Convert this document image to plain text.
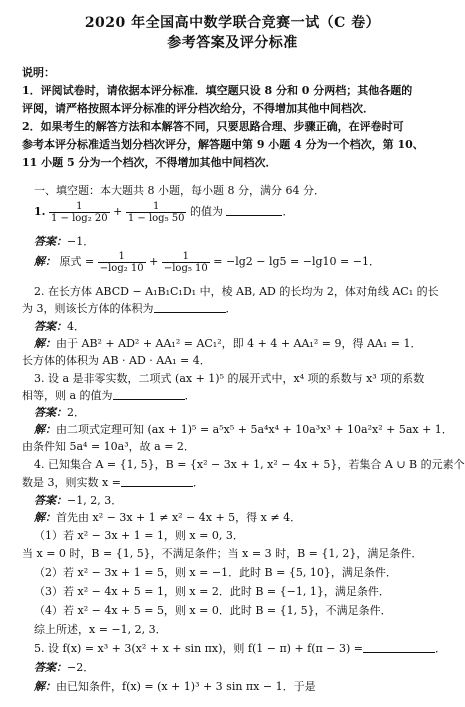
2020 年全国高中数学联合竞赛一试（C 卷）
参考答案及评分标准
说明：
1．评阅试卷时，请依据本评分标准．填空题只设 8 分和 0 分两档；其他各题的
评阅，请严格按照本评分标准的评分档次给分，不得增加其他中间档次．
2．如果考生的解答方法和本解答不同，只要思路合理、步骤正确，在评卷时可
参考本评分标准适当划分档次评分，解答题中第 9 小题 4 分为一个档次，第 10、
11 小题 5 分为一个档次，不得增加其他中间档次．
一、填空题：本大题共 8 小题，每小题 8 分，满分 64 分．
1. $\frac{1}{\text{1 − log₂ 20}} + \frac{1}{\text{1 − log₅ 50}}$ 的值为	．
答案：−1．
解： 原式 = $\frac{1}{\text{−log₂ 10}} + \frac{1}{\text{−log₅ 10}} = -\lg 2 - \lg 5 = -\lg 10 = -1$．
2. 在长方体 ABCD − A₁B₁C₁D₁ 中，棱 AB, AD 的长均为 2，体对角线 AC₁ 的长
为 3，则该长方体的体积为	．
答案：4．
解：由于 AB² + AD² + AA₁² = AC₁²，即 4 + 4 + AA₁² = 9，得 AA₁ = 1．
长方体的体积为 AB · AD · AA₁ = 4．
3. 设 a 是非零实数，二项式 (ax + 1)⁵ 的展开式中，x⁴ 项的系数与 x³ 项的系数
相等，则 a 的值为	．
答案：2．
解：由二项式定理可知 (ax + 1)⁵ = a⁵x⁵ + 5a⁴x⁴ + 10a³x³ + 10a²x² + 5ax + 1．
由条件知 5a⁴ = 10a³，故 a = 2．
4. 已知集合 A = {1, 5}，B = {x² − 3x + 1, x² − 4x + 5}，若集合 A ∪ B 的元素个
数是 3，则实数 x =	．
答案：−1, 2, 3．
解：首先由 x² − 3x + 1 ≠ x² − 4x + 5，得 x ≠ 4．
（1）若 x² − 3x + 1 = 1，则 x = 0, 3．
当 x = 0 时，B = {1, 5}，不满足条件；当 x = 3 时，B = {1, 2}，满足条件．
（2）若 x² − 3x + 1 = 5，则 x = −1．此时 B = {5, 10}，满足条件．
（3）若 x² − 4x + 5 = 1，则 x = 2．此时 B = {−1, 1}，满足条件．
（4）若 x² − 4x + 5 = 5，则 x = 0．此时 B = {1, 5}，不满足条件．
综上所述，x = −1, 2, 3．
5. 设 f(x) = x³ + 3(x² + x + sin πx)，则 f(1 − π) + f(π − 3) =	．
答案：−2．
解：由已知条件，f(x) = (x + 1)³ + 3 sin πx − 1．于是
